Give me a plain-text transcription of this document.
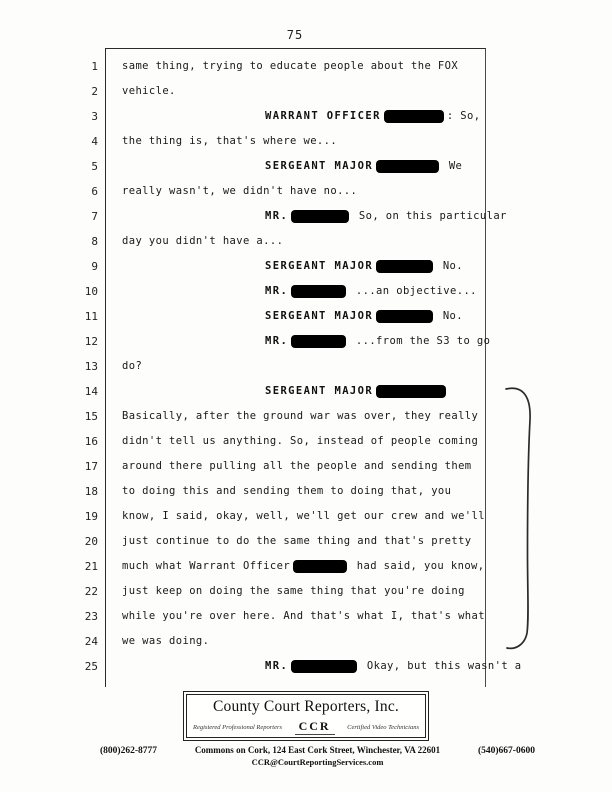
75
1 same thing, trying to educate people about the FOX
2 vehicle.
3	WARRANT OFFICER	: So,
4 the thing is, that's where we...
5	SERGEANT MAJOR	We
6 really wasn't, we didn't have no...
7	MR.	So, on this particular
8 day you didn't have a...
9	SERGEANT MAJOR	No.
10	MR.	...an objective...
11	SERGEANT MAJOR	No.
12	MR.	...from the S3 to go
13 do?
14	SERGEANT MAJOR
15 Basically, after the ground war was over, they really
16 didn't tell us anything. So, instead of people coming
17 around there pulling all the people and sending them
18 to doing this and sending them to doing that, you
19 know, I said, okay, well, we'll get our crew and we'll
20 just continue to do the same thing and that's pretty
21 much what Warrant Officer	had said, you know,
22 just keep on doing the same thing that you're doing
23 while you're over here. And that's what I, that's what
24 we was doing.
25	MR.	Okay, but this wasn't a
County Court Reporters, Inc.
Registered Professional Reporters	CCR	Certified Video Technicians
(800)262-8777	Commons on Cork, 124 East Cork Street, Winchester, VA 22601	(540)667-0600
CCR@CourtReportingServices.com
